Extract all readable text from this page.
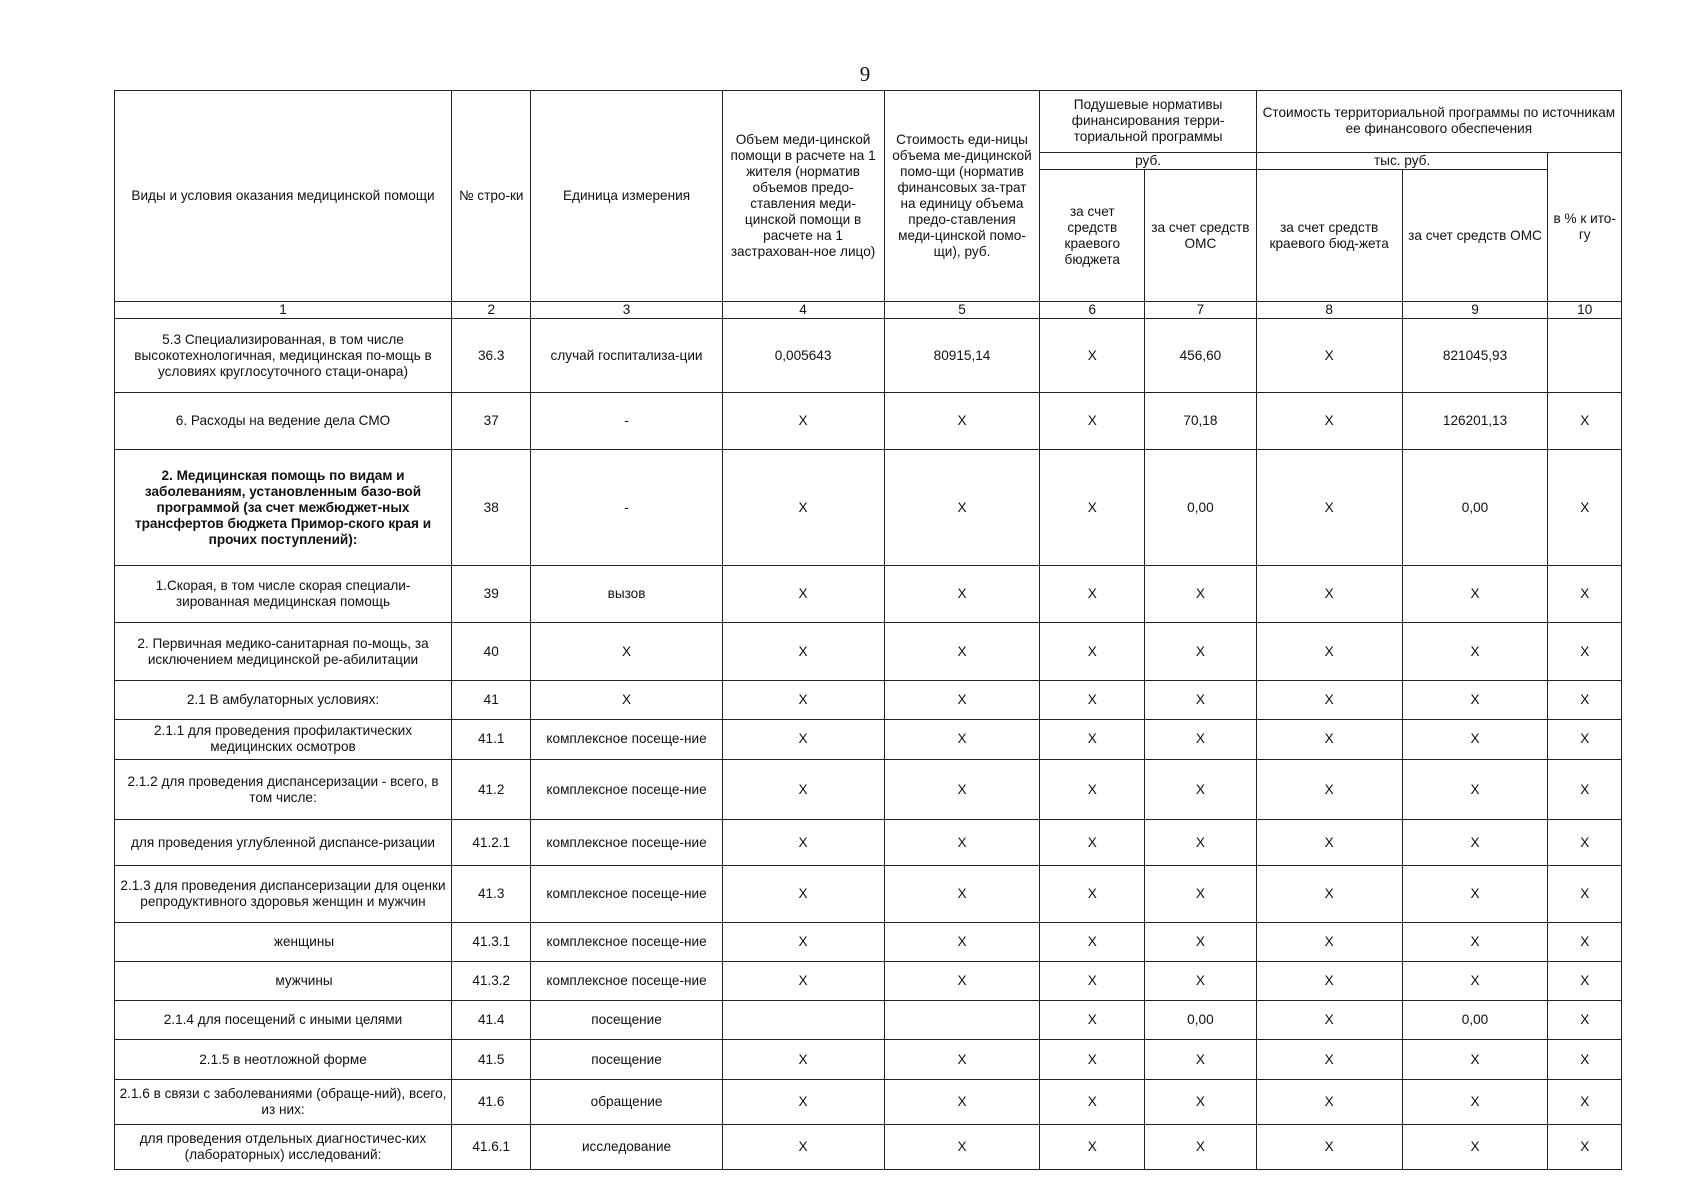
9
Виды и условия оказания медицинской помощи	№ стро-ки	Единица измерения	Объем меди-цинской помощи в расчете на 1 жителя (норматив объемов предо-ставления меди-цинской помощи в расчете на 1 застрахован-ное лицо)	Стоимость еди-ницы объема ме-дицинской помо-щи (норматив финансовых за-трат на единицу объема предо-ставления меди-цинской помо-щи), руб.	Подушевые нормативы финансирования терри-ториальной программы		Стоимость территориальной программы по источникам ее финансового обеспечения		
					руб.		тыс. руб.		в % к ито-гу
					за счет средств краевого бюджета	за счет средств ОМС	за счет средств краевого бюд-жета	за счет средств ОМС	
1	2	3	4	5	6	7	8	9	10
5.3 Специализированная, в том числе высокотехнологичная, медицинская по-мощь в условиях круглосуточного стаци-онара)	36.3	случай госпитализа-ции	0,005643	80915,14	Х	456,60	Х	821045,93	
6. Расходы на ведение дела СМО	37	-	Х	Х	Х	70,18	Х	126201,13	Х
2. Медицинская помощь по видам и заболеваниям, установленным базо-вой программой (за счет межбюджет-ных трансфертов бюджета Примор-ского края и прочих поступлений):	38	-	Х	Х	Х	0,00	Х	0,00	Х
1.Скорая, в том числе скорая специали-зированная медицинская помощь	39	вызов	Х	Х	Х	Х	Х	Х	Х
2. Первичная медико-санитарная по-мощь, за исключением медицинской ре-абилитации	40	Х	Х	Х	Х	Х	Х	Х	Х
2.1 В амбулаторных условиях:	41	Х	Х	Х	Х	Х	Х	Х	Х
2.1.1 для проведения профилактических медицинских осмотров	41.1	комплексное посеще-ние	Х	Х	Х	Х	Х	Х	Х
2.1.2 для проведения диспансеризации - всего, в том числе:	41.2	комплексное посеще-ние	Х	Х	Х	Х	Х	Х	Х
для проведения углубленной диспансе-ризации	41.2.1	комплексное посеще-ние	Х	Х	Х	Х	Х	Х	Х
2.1.3 для проведения диспансеризации для оценки репродуктивного здоровья женщин и мужчин	41.3	комплексное посеще-ние	Х	Х	Х	Х	Х	Х	Х
женщины	41.3.1	комплексное посеще-ние	Х	Х	Х	Х	Х	Х	Х
мужчины	41.3.2	комплексное посеще-ние	Х	Х	Х	Х	Х	Х	Х
2.1.4 для посещений с иными целями	41.4	посещение			Х	0,00	Х	0,00	Х
2.1.5 в неотложной форме	41.5	посещение	Х	Х	Х	Х	Х	Х	Х
2.1.6 в связи с заболеваниями (обраще-ний), всего, из них:	41.6	обращение	Х	Х	Х	Х	Х	Х	Х
для проведения отдельных диагностичес-ких (лабораторных) исследований:	41.6.1	исследование	Х	Х	Х	Х	Х	Х	Х
